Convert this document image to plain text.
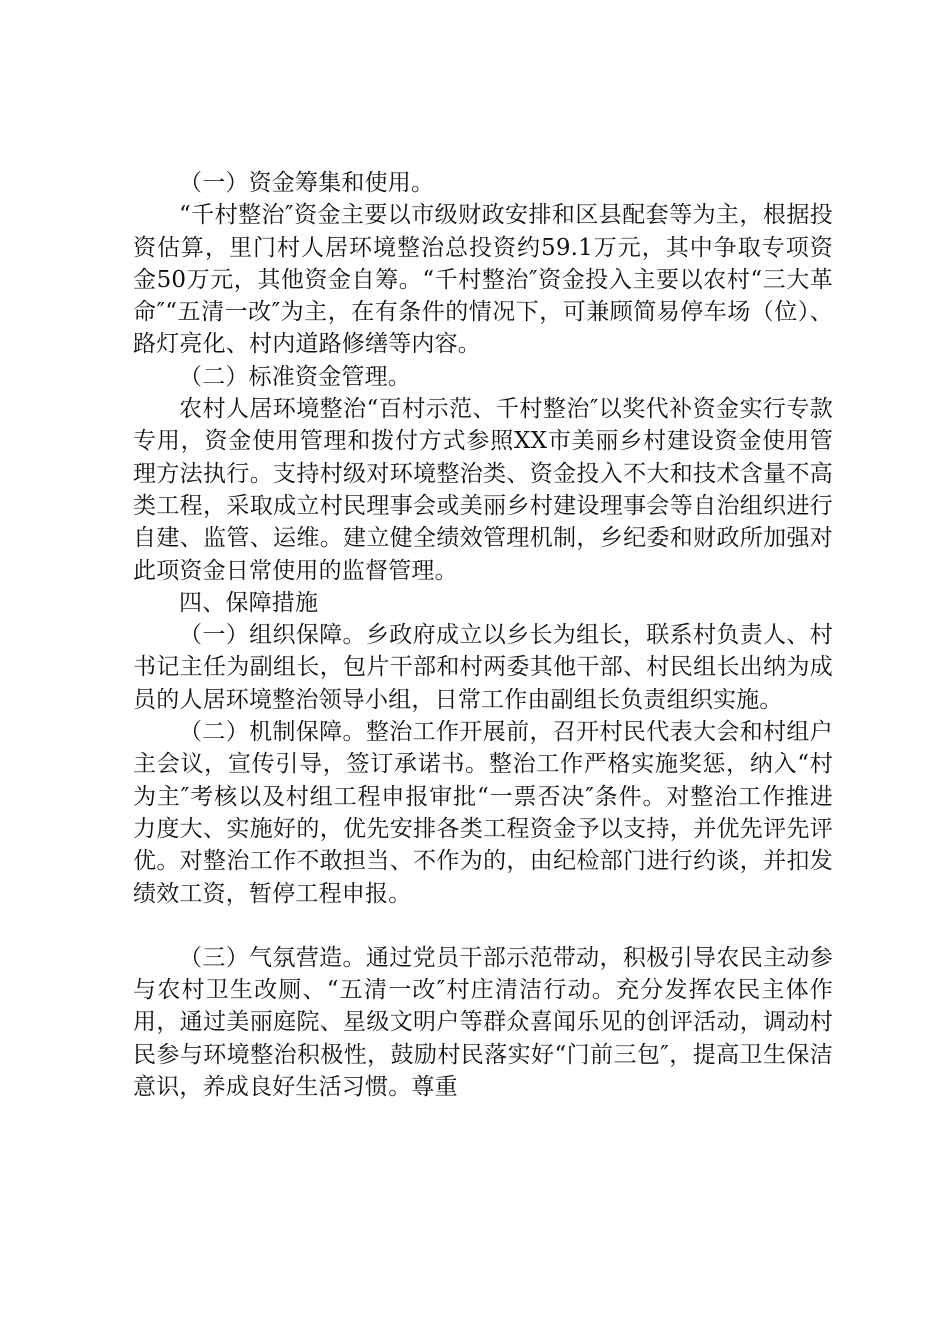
（一）资金筹集和使用。

“千村整治″资金主要以市级财政安排和区县配套等为主，根据投资估算，里门村人居环境整治总投资约59.1万元，其中争取专项资金50万元，其他资金自筹。“千村整治″资金投入主要以农村“三大革命″“五清一改″为主，在有条件的情况下，可兼顾简易停车场（位）、路灯亮化、村内道路修缮等内容。

（二）标准资金管理。

农村人居环境整治“百村示范、千村整治″以奖代补资金实行专款专用，资金使用管理和拨付方式参照XX市美丽乡村建设资金使用管理方法执行。支持村级对环境整治类、资金投入不大和技术含量不高类工程，采取成立村民理事会或美丽乡村建设理事会等自治组织进行自建、监管、运维。建立健全绩效管理机制，乡纪委和财政所加强对此项资金日常使用的监督管理。

四、保障措施

（一）组织保障。乡政府成立以乡长为组长，联系村负责人、村书记主任为副组长，包片干部和村两委其他干部、村民组长出纳为成员的人居环境整治领导小组，日常工作由副组长负责组织实施。

（二）机制保障。整治工作开展前，召开村民代表大会和村组户主会议，宣传引导，签订承诺书。整治工作严格实施奖惩，纳入“村为主″考核以及村组工程申报审批“一票否决″条件。对整治工作推进力度大、实施好的，优先安排各类工程资金予以支持，并优先评先评优。对整治工作不敢担当、不作为的，由纪检部门进行约谈，并扣发绩效工资，暂停工程申报。

（三）气氛营造。通过党员干部示范带动，积极引导农民主动参与农村卫生改厕、“五清一改″村庄清洁行动。充分发挥农民主体作用，通过美丽庭院、星级文明户等群众喜闻乐见的创评活动，调动村民参与环境整治积极性，鼓励村民落实好“门前三包″，提高卫生保洁意识，养成良好生活习惯。尊重
